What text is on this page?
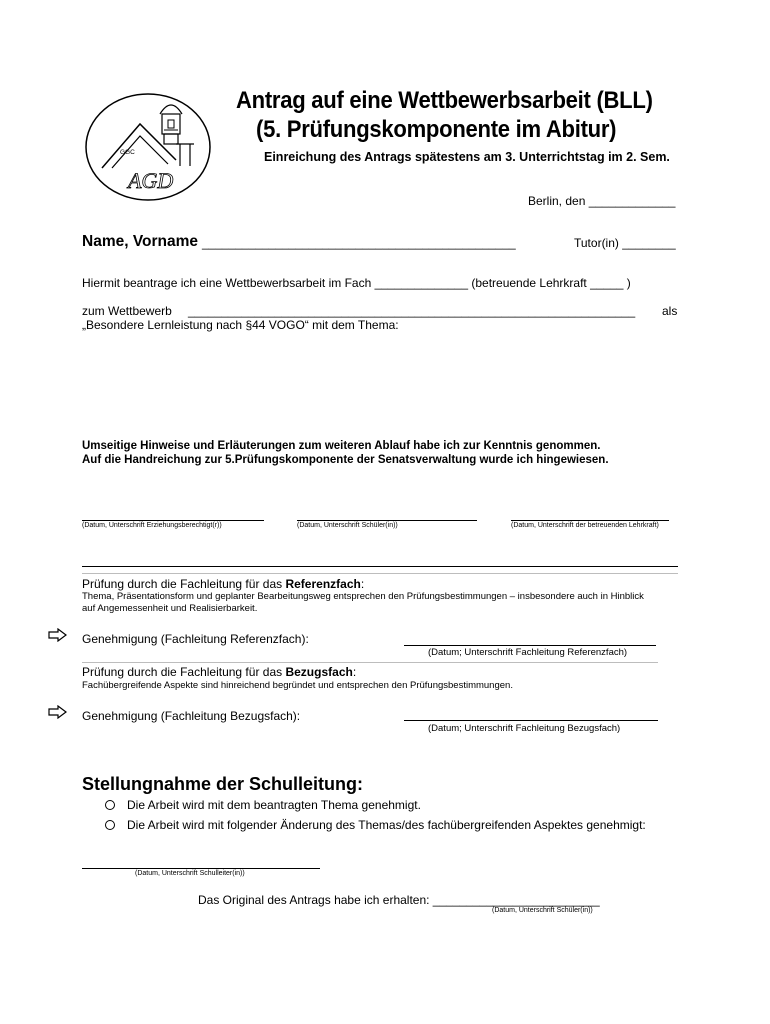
GGC
AGD
Antrag auf eine Wettbewerbsarbeit (BLL)
(5. Prüfungskomponente im Abitur)
Einreichung des Antrags spätestens am 3. Unterrichtstag im 2. Sem.
Berlin, den _____________
Name, Vorname _______________________________________________	Tutor(in) ________
Hiermit beantrage ich eine Wettbewerbsarbeit im Fach ______________ (betreuende Lehrkraft _____ )
zum Wettbewerb ___________________________________________________________________ als
„Besondere Lernleistung nach §44 VOGO“ mit dem Thema:
Umseitige Hinweise und Erläuterungen zum weiteren Ablauf habe ich zur Kenntnis genommen.
Auf die Handreichung zur 5.Prüfungskomponente der Senatsverwaltung wurde ich hingewiesen.
(Datum, Unterschrift Erziehungsberechtigt(r))	(Datum, Unterschrift Schüler(in))	(Datum, Unterschrift der betreuenden Lehrkraft)
Prüfung durch die Fachleitung für das Referenzfach:
Thema, Präsentationsform und geplanter Bearbeitungsweg entsprechen den Prüfungsbestimmungen – insbesondere auch in Hinblick
auf Angemessenheit und Realisierbarkeit.
Genehmigung (Fachleitung Referenzfach):
(Datum; Unterschrift Fachleitung Referenzfach)
Prüfung durch die Fachleitung für das Bezugsfach:
Fachübergreifende Aspekte sind hinreichend begründet und entsprechen den Prüfungsbestimmungen.
Genehmigung (Fachleitung Bezugsfach):
(Datum; Unterschrift Fachleitung Bezugsfach)
Stellungnahme der Schulleitung:
Die Arbeit wird mit dem beantragten Thema genehmigt.
Die Arbeit wird mit folgender Änderung des Themas/des fachübergreifenden Aspektes genehmigt:
(Datum, Unterschrift Schulleiter(in))
Das Original des Antrags habe ich erhalten: _________________________
(Datum, Unterschrift Schüler(in))
